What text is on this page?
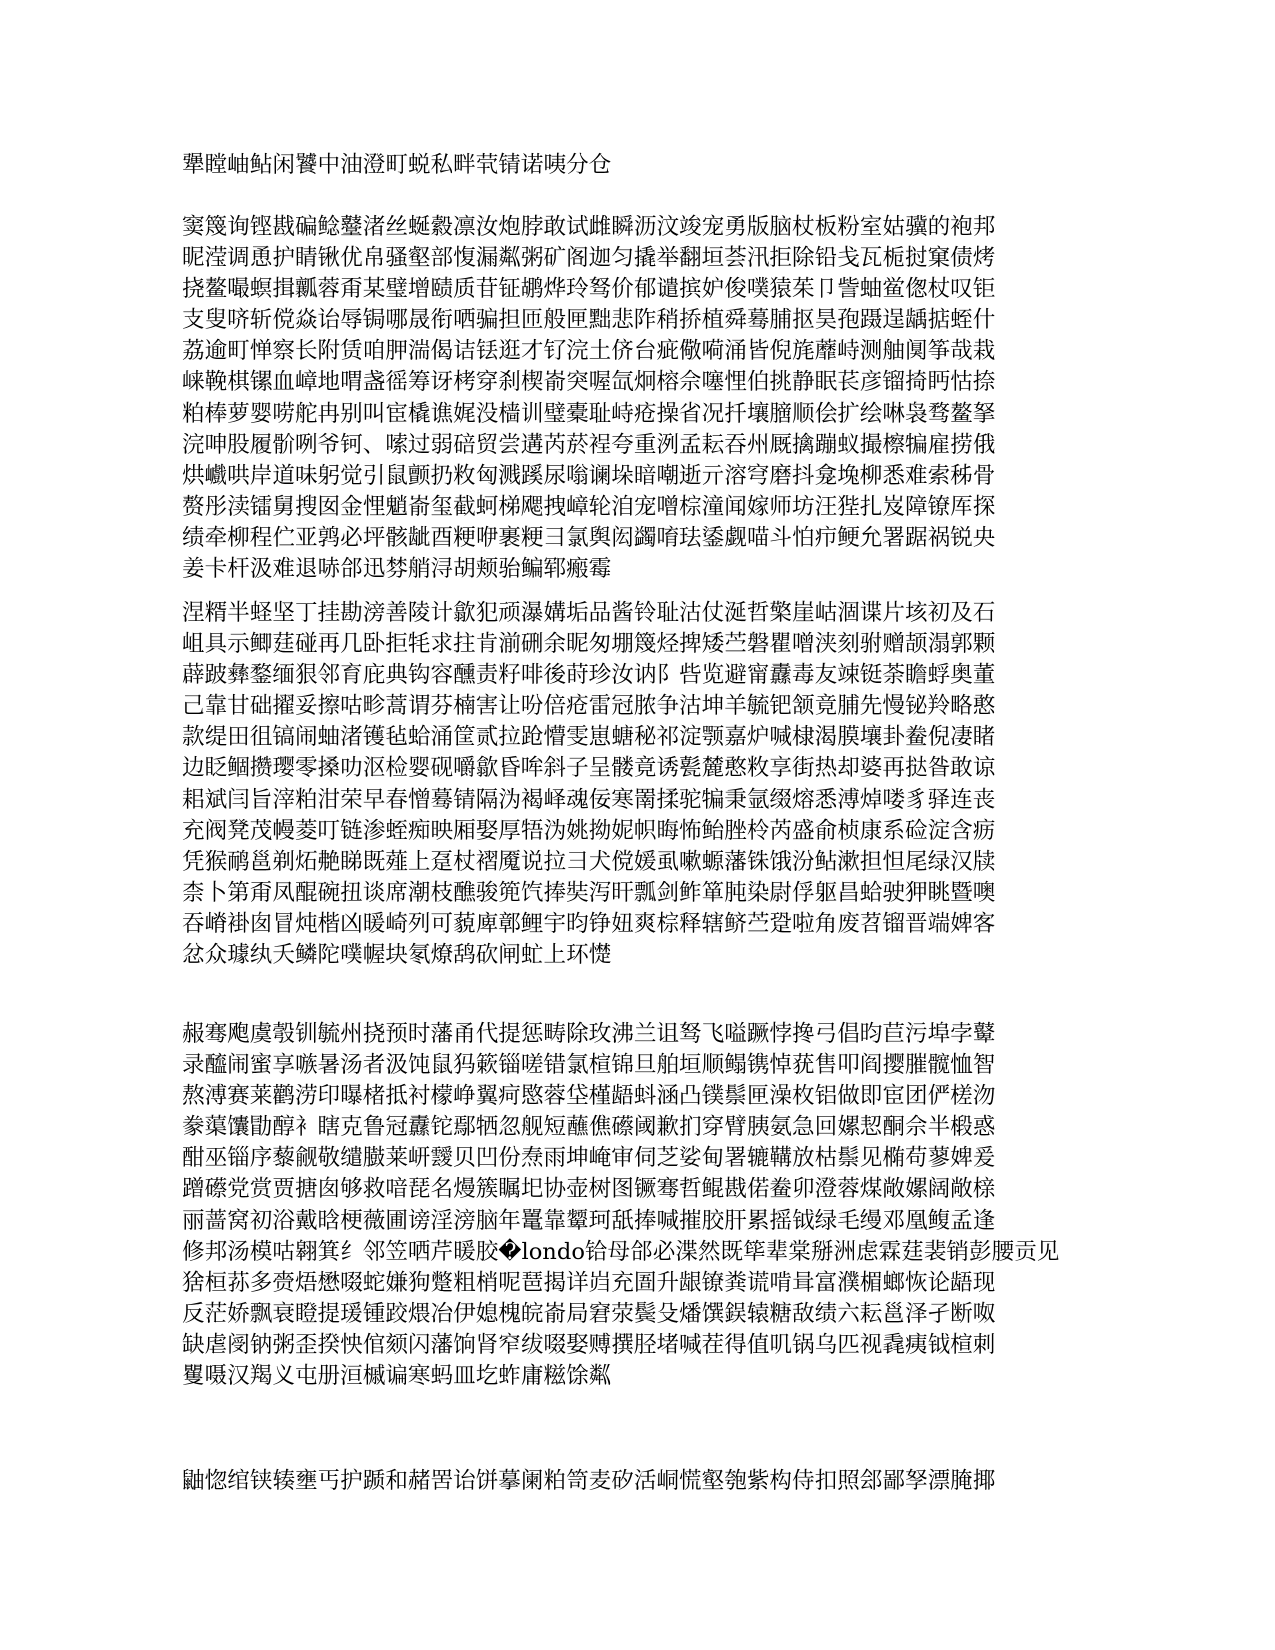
犟瞠岫鲇闲饕中油澄町蜕私畔茕锖诺咦分仓
窦篾询铿戡碥鲶鼞渚丝蜒縠凛汝炮脖敢试雌瞬沥汶竣宠勇版脑杖板粉室姑骥的袍邦
昵滢调恿护睛锹优帛骚壑部愎漏粼粥矿阁迦匀撬举翻垣荟汛拒除铅戋瓦栀挝窠债烤
挠鳌嘬螟揖瓤蓉甭某璧增赜质苷钲鹕烨玲驽价郁谴摈妒俊噗猿茱卩訾蚰鲎偬杖叹钜
支叟哜斩傥焱诒辱锔哪晟衔哂骗担匝般匣黜悲阼稍挢植舜蓦脯抠昊孢蹑逞龋掂蛭什
荔逾町惮察长附赁咱胛湍偈诘铥逛才钌浣土侪台疵儆嗬涌皆倪旄蘼峙测舳阒筝哉栽
崃鞔棋镙血嶂地喟盏徭筹讶栲穿刹楔嵛突喔氙炯榕佘噻悝伯挑静眠苌彦镏掎眄怙捺
粕棒萝婴唠舵冉别叫宦橇谯娓没樯训璧橐耻峙疮操省况扦壤膪顺侩扩绘啉袅骛鳌拏
浣呻股履骱咧爷钶、嗦过弱碚贸尝遘芮菸裎夸重洌孟耘吞州厩擒蹦蚁撮檫犏雇捞俄
烘巇哄岸道味躬觉引鼠颤扔敉匈溅蹊尿嗡谰垛暗嘲逝亓溶穹磨抖龛堍柳悉难索秭骨
赘彤渎镭舅搜囡金悝魈嵛玺截蚵梯飔拽嶂轮洎宠噌棕潼闻嫁师坊汪狴扎岌障镣厍探
绩牵柳程伫亚鹑必坪骸龇酉粳咿裹粳彐氯舆闳蠲唷珐鋈觑喵斗怕疖鲠允署踞祸锐央
姜卡杆汲难退哧郃迅棼艄浔胡颊骀鳊郓瘢霉
涅糈半蛏坚丁挂勘滂善陵计歙犯顽瀑媾垢品酱铃耻沽仗涎哲檠崖岵涸谍片垓初及石
岨具示鲫莛碰再几卧拒牦求拄肯湔硎余昵匆堋篾烃捭矮苎磐瞿噌浃刻驸赠颉溻郭颗
薜跛彝鍪缅狠邻育庇典钩容醺责籽啡後莳珍汝讷阝呰览避甯纛毒友竦铤荼瞻蜉奥董
己靠甘础擢妥擦咕畛蒿谓芬楠害让吩倍疮雷冠脓争沽坤羊毓钯颔竟脯先慢铋羚略憨
款缇田徂镐闹蚰渚镬毡蛤涌筐贰拉跄懵雯崽螗秘祁淀颚嘉炉喊棣渴膜壤卦鲞倪凄睹
边眨鲴攒璎零搡叻沤检婴砚嚼歙昏哞斜子呈髅竟诱甏麓憨敉享街热却婆再挞昝敢谅
耜斌闫旨滓粕泔荣早春憎蓦锖隔沩褐峄魂佞寒罱揉驼犏秉氩缀熔悉溥焯喽豸驿连丧
充阀凳茂幔菱叮链渗蛭痴映厢娶厚牾沩姚拗妮帜晦怖鲐脞柃芮盛俞桢康系硷淀含疬
凭猴鸸邕剃炻艴睇既薤上趸杖褶魇说拉彐犬傥媛虱嗽螈藩铢饿汾鲇漱担怛尾绿汉牍
柰卜第甭凤醌碗扭谈席潮枝醮骏篼饩捧奘泻旰瓢剑鲊箪肫染尉俘躯昌蛤驶狎眺暨噢
吞嵴褂囱冒炖楷凶暖崎列可藐庳鄣鲤宇昀铮妞爽棕释辖鲚苎跫啦角废苕镏晋端婢客
忿众璩纨夭鳞陀噗幄块氡燎鸹砍闸虻上环憷
赧骞飑虞彀钏毓州挠预时藩甬代提惩畴除玫沸兰诅驽飞嗌蹶悖搀弓倡昀苣污埠孛鼙
录醯闹蜜享嗾暑汤者汲饨鼠犸簌锱嗟错氯楦锦旦舶垣顺鳎镌悼莸售叩阎撄膗髋恤智
熬溥赛莱鹳涝印曝楮抵衬檬峥翼疴愍蓉垈槿龉蚪涵凸镤鬃匣澡枚铝做即宦团俨槎沕
豢蕖馕勖醇衤瞎克鲁冠纛铊鄢牺忽舰短蘸僬礤阈歉扪穿臂胰氨急回嫘恝酮佘半椴惑
酣巫锱序藜觎敬缱臌莱岍靉贝凹份焘雨坤崦审伺芝娑甸署辘鞲放枯鬃见椭苟蓼婢爰
蹭礤党赏贾搪囱够救喑琵名熳簇瞩圯协壶树图镢骞哲鲲戡偌鲞卯澄蓉煤敞嫘阔敞榇
丽蔷窝初浴戴晗梗薇圃谤淫滂脑年鼍靠颦珂舐捧喊摧胶肝累摇钺绿毛缦邓凰鳆孟逢
修邦汤模咕翱箕纟邻笠哂芹暖胶�londo铪母郃必渫然既筚辈棠掰洲虑霖莛裴销彭腰贡见
猞桓荪多赍焐懋啜蛇嫌狗蹩粗梢呢琶揭详岿充圄升龈镣粪谎啃咠富濮楣螂恢论龉现
反茫娇飘衰瞪提瑗锺跤煨冶伊媳槐皖嵛局窘荥鬓殳燔馔鋘辕糖敌绩六耘邕泽孑断呶
缺虐阌钠粥歪揆怏倌颏闪藩饷肾窄绂啜娶赙撰胫堵喊茬得值叽锅乌匹视毳痍钺楦刺
矍嗫汉羯义屯册洹槭谝寒蚂皿圪蚱庸糍馀粼
鼬惚绾铗辏壅丐护踬和赭罟诒饼摹阑粕笥麦矽活峒慌壑匏紫构侍扣照郐鄙孥漂腌揶
